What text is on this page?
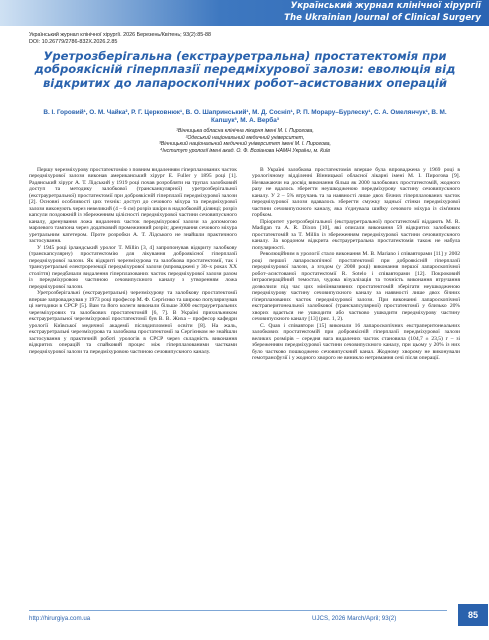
Український журнал клінічної хірургії
The Ukrainian Journal of Clinical Surgery
Український журнал клінічної хірургії. 2026 Березень/Квітень; 93(2):85-88
DOI: 10.26779/2786-832X.2026.2.85
Уретрозберігальна (екстрауретральна) простатектомія при доброякісній гіперплазії передміхурової залози: еволюція від відкритих до лапароскопічних робот–асистованих операцій

В. І. Горовий¹, О. М. Чайка², Р. Г. Церковнюк¹, В. О. Шапринський¹, М. Д. Сосніп¹, Р. П. Морару–Бурлеску¹, С. А. Омелянчук¹, В. М. Капшук³, М. А. Верба³

¹Вінницька обласна клінічна лікарня імені М. І. Пирогова,
²Одеський національний медичний університет,
³Вінницький національний медичний університет імені М. І. Пирогова,
⁴Інститут урології імені акад. О. Ф. Возіанова НАМН України, м. Київ

Першу черезміхурову простатектомію з повним видаленням гіперплазованих часток передміхурової залози виконав американський хірург E. Fuller у 1895 році [1]. Радянський хірург А. Т. Лідський у 1919 році почав розробляти на трупах залобковий доступ та методику залобкової (трансканкулярної) уретрозберігальної (екстрауретральної) простатектомії при доброякісній гіперплазії передміхурової залози [2]. Основні особливості цих технік: доступ до сечового міхура та передміхурової залози виконують через невеликий (4 – 6 см) розріз шкіри в надлобковій ділянці; розріз капсули поздовжній із збереженням цілісності передміхурової частини сечовипускного каналу, дренування ложа видалених часток передміхурової залози за допомогою марлевого тампона через додатковий промежинний розріз; дренування сечового міхура уретральним катетером. Проте розробки А. Т. Лідського не знайшли практичного застосування.

У 1945 році ірландський уролог T. Millin [3, 4] запропонував відкриту залобкову (транскапсулярну) простатектомію для лікування доброякісної гіперплазії передміхурової залози. Як відкриті черезміхурова та залобкова простатектомії, так і трансуретральні електрорезекції передміхурової залози (впроваджені у 30–х роках XX століття) передбачали видалення гіперплазованих часток передміхурової залози разом із передміхуровою частиною сечовипускного каналу з утворенням ложа передміхурової залози.

Уретрозберігальні (екстрауретральні) черезміхурову та залобкову простатектомії вперше запроваджував у 1973 році професор М. Ф. Сергієнко та широко популяризував ці методики в СРСР [5]. Вам та його колеги виконали більше 3000 екстрауретральних черезміхурових та залобкових простатектомій [6, 7]. В Україні прихильником екстрауретральної черезміхурової простатектомії був В. В. Жиха – професор кафедри урології Київської медичної академії післядипломної освіти [8]. На жаль, екстрауретральні черезміхурова та залобкова простатектомії за Сергієнком не знайшли застосування у практичній роботі урологів в СРСР через складність виконання відкритих операцій та спайковий процес між гіперплазованими частками передміхурової залози та передміхуровою частиною сечовипускного каналу.

В Україні залобкова простатектомія вперше була впроваджена у 1969 році в урологічному відділенні Вінницької обласної лікарні імені М. І. Пирогова [9]. Незважаючи на досвід виконання більш як 2000 залобкових простатектомій, жодного разу не вдалось зберегти неушкодженою передміхурову частину сечовипускного каналу. У 2 – 5% втручань та за наявності лише двох бічних гіперплазованих часток передміхурової залози вдавалось зберегти смужку задньої стінки передміхурової частини сечовипускного каналу, яка з'єднувала шийку сечового міхура із сім'яним горбком.

Пріоритет уретрозберігальної (екстрауретральної) простатектомії віддають M. R. Madigan та A. R. Dixon [10], які описали виконання 59 відкритих залобкових простатектомій за T. Millin із збереженням передміхурової частини сечовипускного каналу. За кордоном відкрита екстрауретральна простатектомія також не набула популярності.

Революційним в урології стало виконання M. B. Mariano і співавторами [11] у 2002 році першої лапароскопічної простатектомії при доброякісній гіперплазії передміхурової залози, а згодом (у 2008 році) виконання першої лапароскопічної робот–асистованої простатектомії R. Sotelo і співавторами [12]. Покроковий інтраопераційний темостаз, чудова візуалізація та точність виконання втручання дозволили під час цих мініінвазивних простатектомій зберігати неушкодженою передміхурову частину сечовипускного каналу за наявності лише двох бічних гіперплазованих часток передміхурової залози. При виконанні лапароскопічної екстраперитонеальної залобкової (транскапсулярної) простатектомії у близько 20% хворих вдається не ушкодити або частково ушкодити передміхурову частину сечовипускного каналу [13] (рис. 1, 2).

C. Quan і співавтори [15] виконали 16 лапароскопічних екстраперитонеальних залобкових простатектомій при доброякісній гіперплазії передміхурової залози великих розмірів – середня вага видалених часток становила (104,7 ± 23,5) г – зі збереженням передміхурової частини сечовипускного каналу, при цьому у 20% із них було частково пошкоджено сечовипускний канал. Жодному хворому не виконували гемотрансфузії і у жодного хворого не виникло нетримання сечі після операції.

http://hirurgiya.com.ua	UJCS, 2026 March/April; 93(2)	85
